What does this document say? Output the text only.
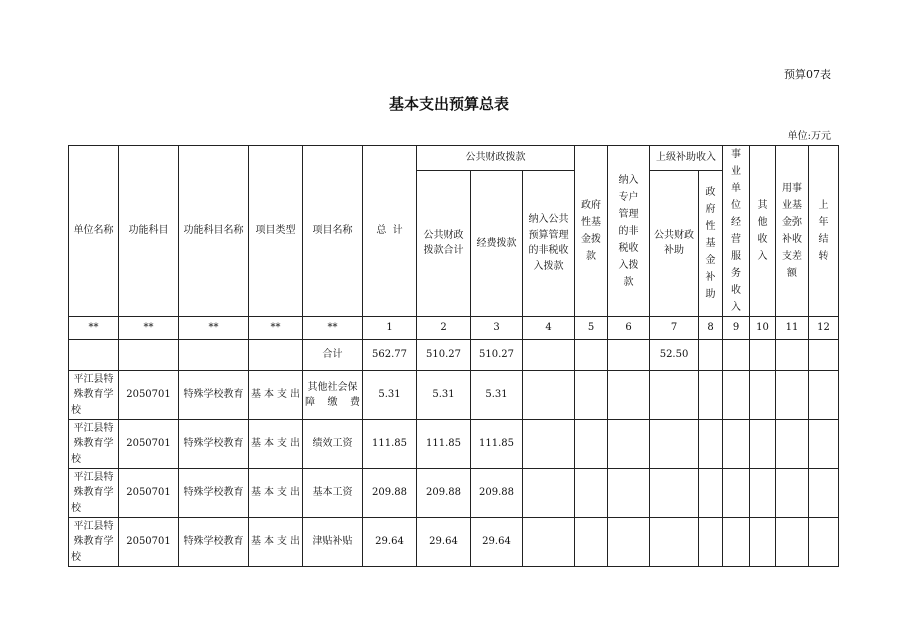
预算07表
基本支出预算总表
单位:万元
单位名称	功能科目	功能科目名称	项目类型	项目名称	总  计	公共财政拨款			政府性基金拨款	纳入专户管理的非税收入拨款	上级补助收入		事业单位经营服务收入	其他收入	用事业基金弥补收支差额	上年结转
						公共财政拨款合计	经费拨款	纳入公共预算管理的非税收入拨款			公共财政补助	政府性基金补助				
**	**	**	**	**	1	2	3	4	5	6	7	8	9	10	11	12
				合计	562.77	510.27	510.27				52.50					
平江县特殊教育学校	2050701	特殊学校教育	基本支出	其他社会保障缴费	5.31	5.31	5.31									
平江县特殊教育学校	2050701	特殊学校教育	基本支出	绩效工资	111.85	111.85	111.85									
平江县特殊教育学校	2050701	特殊学校教育	基本支出	基本工资	209.88	209.88	209.88									
平江县特殊教育学校	2050701	特殊学校教育	基本支出	津贴补贴	29.64	29.64	29.64									
